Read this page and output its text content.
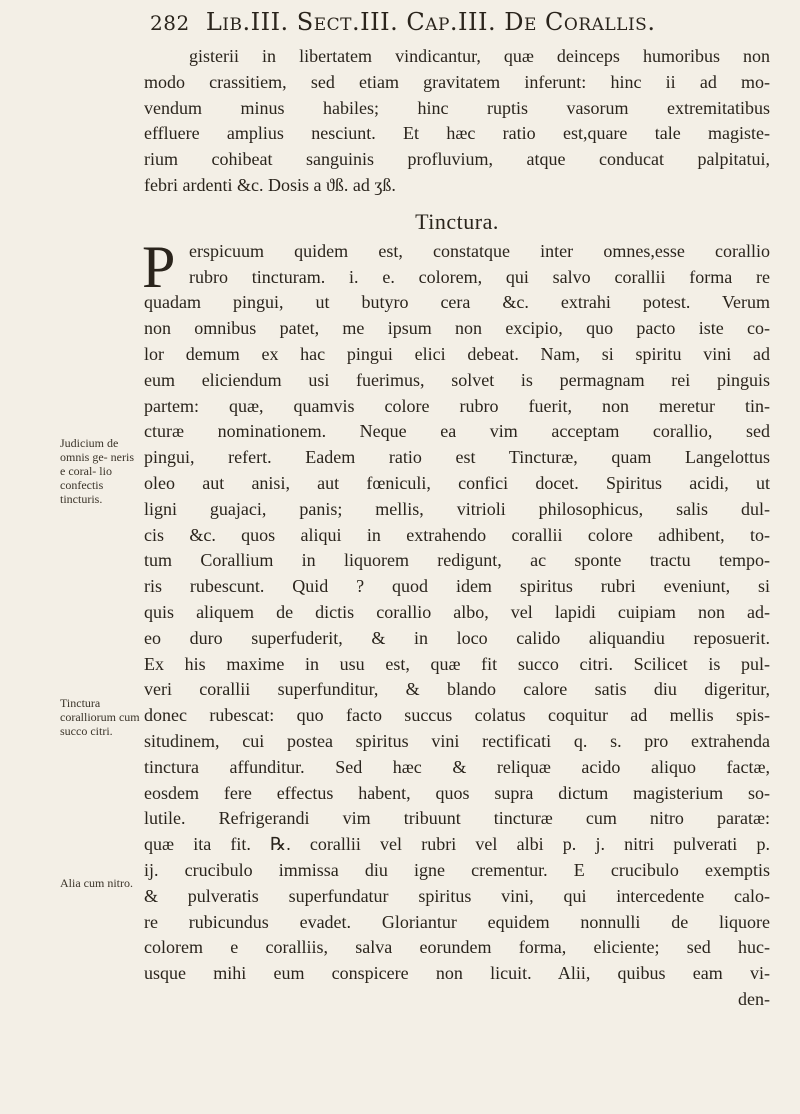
282 Lib.III. Sect.III. Cap.III. De Corallis.
gisterii in libertatem vindicantur, quæ deinceps humoribus non
modo crassitiem, sed etiam gravitatem inferunt: hinc ii ad mo-
vendum minus habiles; hinc ruptis vasorum extremitatibus
effluere amplius nesciunt. Et hæc ratio est,quare tale magiste-
rium cohibeat sanguinis profluvium, atque conducat palpitatui,
febri ardenti &c. Dosis a ϑß. ad ʒß.
Tinctura.
P erspicuum quidem est, constatque inter omnes,esse corallio
rubro tincturam. i. e. colorem, qui salvo corallii forma re
quadam pingui, ut butyro cera &c. extrahi potest. Verum
non omnibus patet, me ipsum non excipio, quo pacto iste co-
lor demum ex hac pingui elici debeat. Nam, si spiritu vini ad
eum eliciendum usi fuerimus, solvet is permagnam rei pinguis
partem: quæ, quamvis colore rubro fuerit, non meretur tin-
cturæ nominationem. Neque ea vim acceptam corallio, sed
pingui, refert. Eadem ratio est Tincturæ, quam Langelottus
oleo aut anisi, aut fœniculi, confici docet. Spiritus acidi, ut
ligni guajaci, panis; mellis, vitrioli philosophicus, salis dul-
cis &c. quos aliqui in extrahendo corallii colore adhibent, to-
tum Corallium in liquorem redigunt, ac sponte tractu tempo-
ris rubescunt. Quid ? quod idem spiritus rubri eveniunt, si
quis aliquem de dictis corallio albo, vel lapidi cuipiam non ad-
eo duro superfuderit, & in loco calido aliquandiu reposuerit.
Ex his maxime in usu est, quæ fit succo citri. Scilicet is pul-
veri corallii superfunditur, & blando calore satis diu digeritur,
donec rubescat: quo facto succus colatus coquitur ad mellis spis-
situdinem, cui postea spiritus vini rectificati q. s. pro extrahenda
tinctura affunditur. Sed hæc & reliquæ acido aliquo factæ,
eosdem fere effectus habent, quos supra dictum magisterium so-
lutile. Refrigerandi vim tribuunt tincturæ cum nitro paratæ:
quæ ita fit. ℞. corallii vel rubri vel albi p. j. nitri pulverati p.
ij. crucibulo immissa diu igne crementur. E crucibulo exemptis
& pulveratis superfundatur spiritus vini, qui intercedente calo-
re rubicundus evadet. Gloriantur equidem nonnulli de liquore
colorem e coralliis, salva eorundem forma, eliciente; sed huc-
usque mihi eum conspicere non licuit. Alii, quibus eam vi-
den-
Judicium de omnis ge- neris e coral- lio confectis tincturis.
Tinctura coralliorum cum succo citri.
Alia cum nitro.
